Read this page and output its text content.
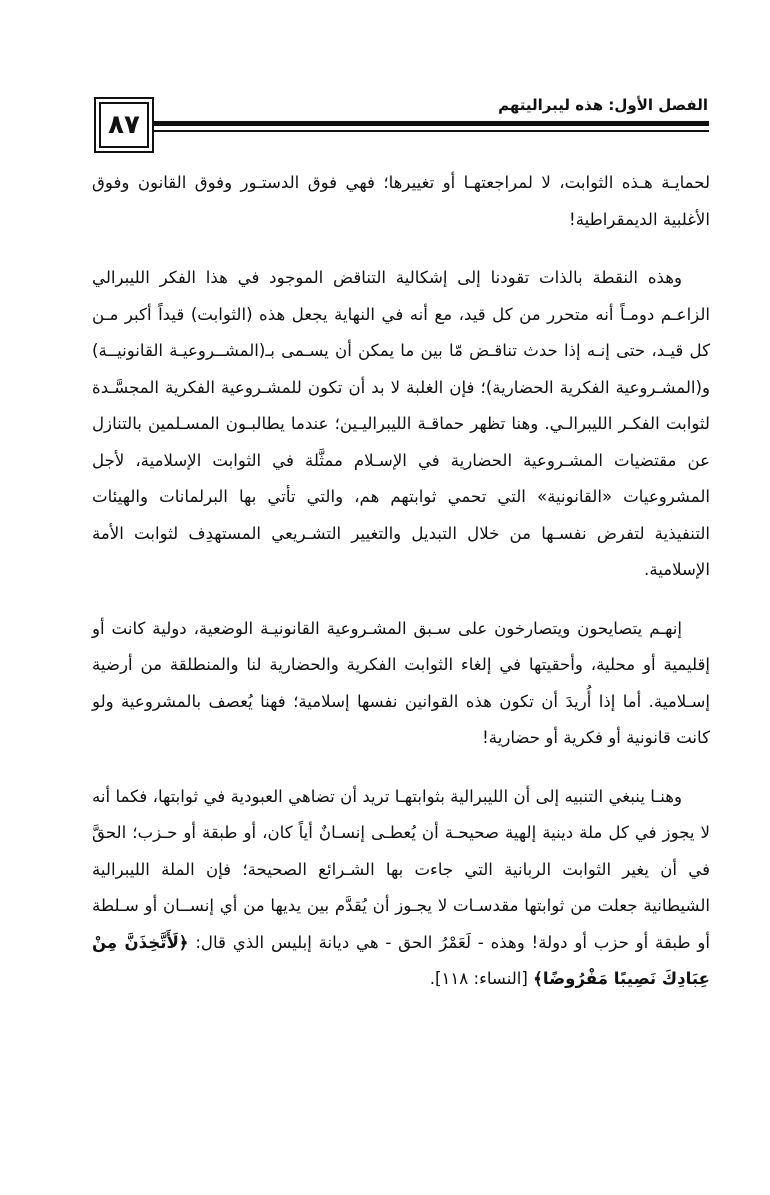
٨٧
الفصل الأول: هذه ليبراليتهم

لحمايـة هـذه الثوابت، لا لمراجعتهـا أو تغييرها؛ فهي فوق الدستـور وفوق القانون وفوق الأغلبية الديمقراطية!

وهذه النقطة بالذات تقودنا إلى إشكالية التناقض الموجود في هذا الفكر الليبرالي الزاعـم دومـاً أنه متحرر من كل قيد، مع أنه في النهاية يجعل هذه (الثوابت) قيداً أكبر مـن كل قيـد، حتى إنـه إذا حدث تناقـض مّا بين ما يمكن أن يسـمى بـ(المشــروعيـة القانونيــة) و(المشـروعية الفكرية الحضارية)؛ فإن الغلبة لا بد أن تكون للمشـروعية الفكرية المجسَّـدة لثوابت الفكـر الليبرالـي. وهنا تظهر حماقـة الليبراليـين؛ عندما يطالبـون المسـلمين بالتنازل عن مقتضيات المشـروعية الحضارية في الإسـلام ممثَّلة في الثوابت الإسلامية، لأجل المشروعيات «القانونية» التي تحمي ثوابتهم هم، والتي تأتي بها البرلمانات والهيئات التنفيذية لتفرض نفسـها من خلال التبديل والتغيير التشـريعي المستهدِف لثوابت الأمة الإسلامية.

إنهـم يتصايحون ويتصارخون على سـبق المشـروعية القانونيـة الوضعية، دولية كانت أو إقليمية أو محلية، وأحقيتها في إلغاء الثوابت الفكرية والحضارية لنا والمنطلقة من أرضية إسـلامية. أما إذا أُريدَ أن تكون هذه القوانين نفسها إسلامية؛ فهنا يُعصف بالمشروعية ولو كانت قانونية أو فكرية أو حضارية!

وهنـا ينبغي التنبيه إلى أن الليبرالية بثوابتهـا تريد أن تضاهي العبودية في ثوابتها، فكما أنه لا يجوز في كل ملة دينية إلهية صحيحـة أن يُعطـى إنسـانٌ أياً كان، أو طبقة أو حـزب؛ الحقَّ في أن يغير الثوابت الربانية التي جاءت بها الشـرائع الصحيحة؛ فإن الملة الليبرالية الشيطانية جعلت من ثوابتها مقدسـات لا يجـوز أن يُقدَّم بين يديها من أي إنســان أو سـلطة أو طبقة أو حزب أو دولة! وهذه - لَعَمْرُ الحق - هي ديانة إبليس الذي قال: ﴿لَأَتَّخِذَنَّ مِنْ عِبَادِكَ نَصِيبًا مَفْرُوضًا﴾ [النساء: ١١٨].
